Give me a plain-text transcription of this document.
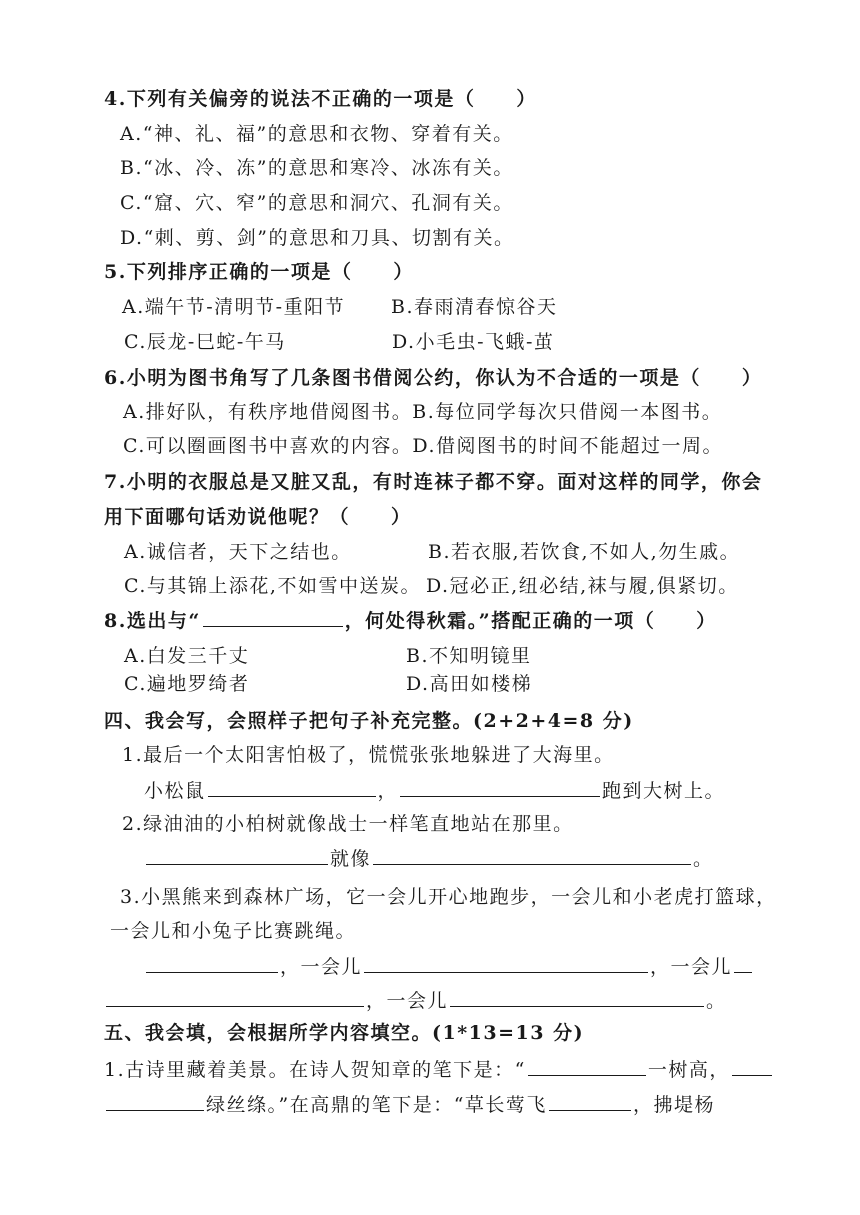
4.下列有关偏旁的说法不正确的一项是（　　）
A.“神、礼、福”的意思和衣物、穿着有关。
B.“冰、冷、冻”的意思和寒冷、冰冻有关。
C.“窟、穴、窄”的意思和洞穴、孔洞有关。
D.“刺、剪、剑”的意思和刀具、切割有关。
5.下列排序正确的一项是（　　）
A.端午节-清明节-重阳节 B.春雨清春惊谷天
C.辰龙-巳蛇-午马	D.小毛虫-飞蛾-茧
6.小明为图书角写了几条图书借阅公约，你认为不合适的一项是（　　）
A.排好队，有秩序地借阅图书。B.每位同学每次只借阅一本图书。
C.可以圈画图书中喜欢的内容。D.借阅图书的时间不能超过一周。
7.小明的衣服总是又脏又乱，有时连袜子都不穿。面对这样的同学，你会
用下面哪句话劝说他呢？（　　）
A.诚信者，天下之结也。	B.若衣服,若饮食,不如人,勿生戚。
C.与其锦上添花,不如雪中送炭。 D.冠必正,纽必结,袜与履,俱紧切。
8.选出与“	，何处得秋霜。”搭配正确的一项（　　）
A.白发三千丈	B.不知明镜里
C.遍地罗绮者	D.高田如楼梯
四、我会写，会照样子把句子补充完整。(2+2+4=8 分)
1.最后一个太阳害怕极了，慌慌张张地躲进了大海里。
小松鼠	，	跑到大树上。
2.绿油油的小柏树就像战士一样笔直地站在那里。
就像	。
3.小黑熊来到森林广场，它一会儿开心地跑步，一会儿和小老虎打篮球，
一会儿和小兔子比赛跳绳。
，一会儿	，一会儿
，一会儿	。
五、我会填，会根据所学内容填空。(1*13=13 分)
1.古诗里藏着美景。在诗人贺知章的笔下是：“	一树高，
绿丝绦。”在高鼎的笔下是：“草长莺飞	，拂堤杨
